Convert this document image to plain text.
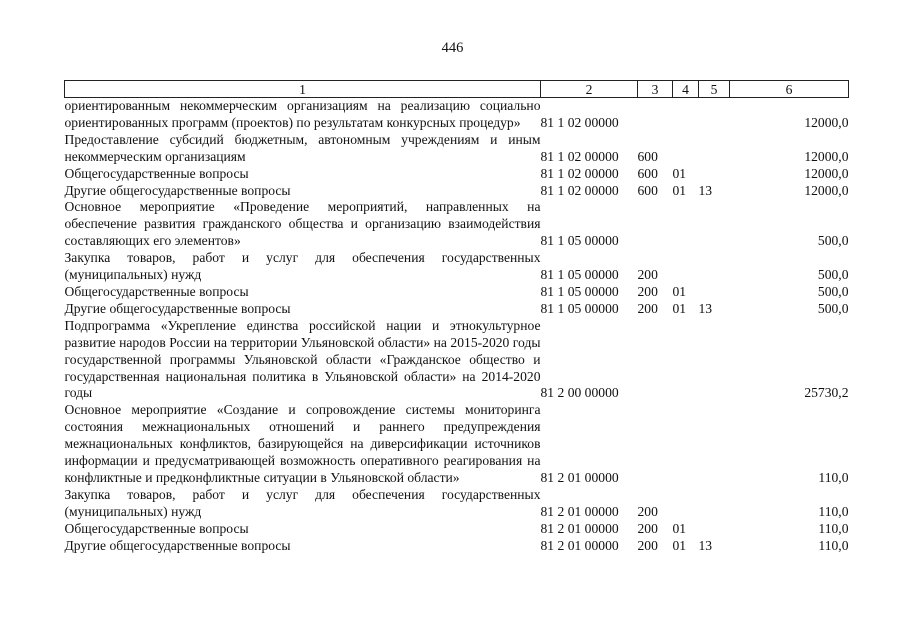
446
1	2	3	4	5	6
ориентированным некоммерческим организациям на реализацию социально ориентированных программ (проектов) по результатам конкурсных процедур»	81 1 02 00000				12000,0
Предоставление субсидий бюджетным, автономным учреждениям и иным некоммерческим организациям	81 1 02 00000	600			12000,0
Общегосударственные вопросы	81 1 02 00000	600	01		12000,0
Другие общегосударственные вопросы	81 1 02 00000	600	01	13	12000,0
Основное мероприятие «Проведение мероприятий, направленных на обеспечение развития гражданского общества и организацию взаимодействия составляющих его элементов»	81 1 05 00000				500,0
Закупка товаров, работ и услуг для обеспечения государственных (муниципальных) нужд	81 1 05 00000	200			500,0
Общегосударственные вопросы	81 1 05 00000	200	01		500,0
Другие общегосударственные вопросы	81 1 05 00000	200	01	13	500,0
Подпрограмма «Укрепление единства российской нации и этнокультурное развитие народов России на территории Ульяновской области» на 2015-2020 годы государственной программы Ульяновской области «Гражданское общество и государственная национальная политика в Ульяновской области» на 2014-2020 годы	81 2 00 00000				25730,2
Основное мероприятие «Создание и сопровождение системы мониторинга состояния межнациональных отношений и раннего предупреждения межнациональных конфликтов, базирующейся на диверсификации источников информации и предусматривающей возможность оперативного реагирования на конфликтные и предконфликтные ситуации в Ульяновской области»	81 2 01 00000				110,0
Закупка товаров, работ и услуг для обеспечения государственных (муниципальных) нужд	81 2 01 00000	200			110,0
Общегосударственные вопросы	81 2 01 00000	200	01		110,0
Другие общегосударственные вопросы	81 2 01 00000	200	01	13	110,0
